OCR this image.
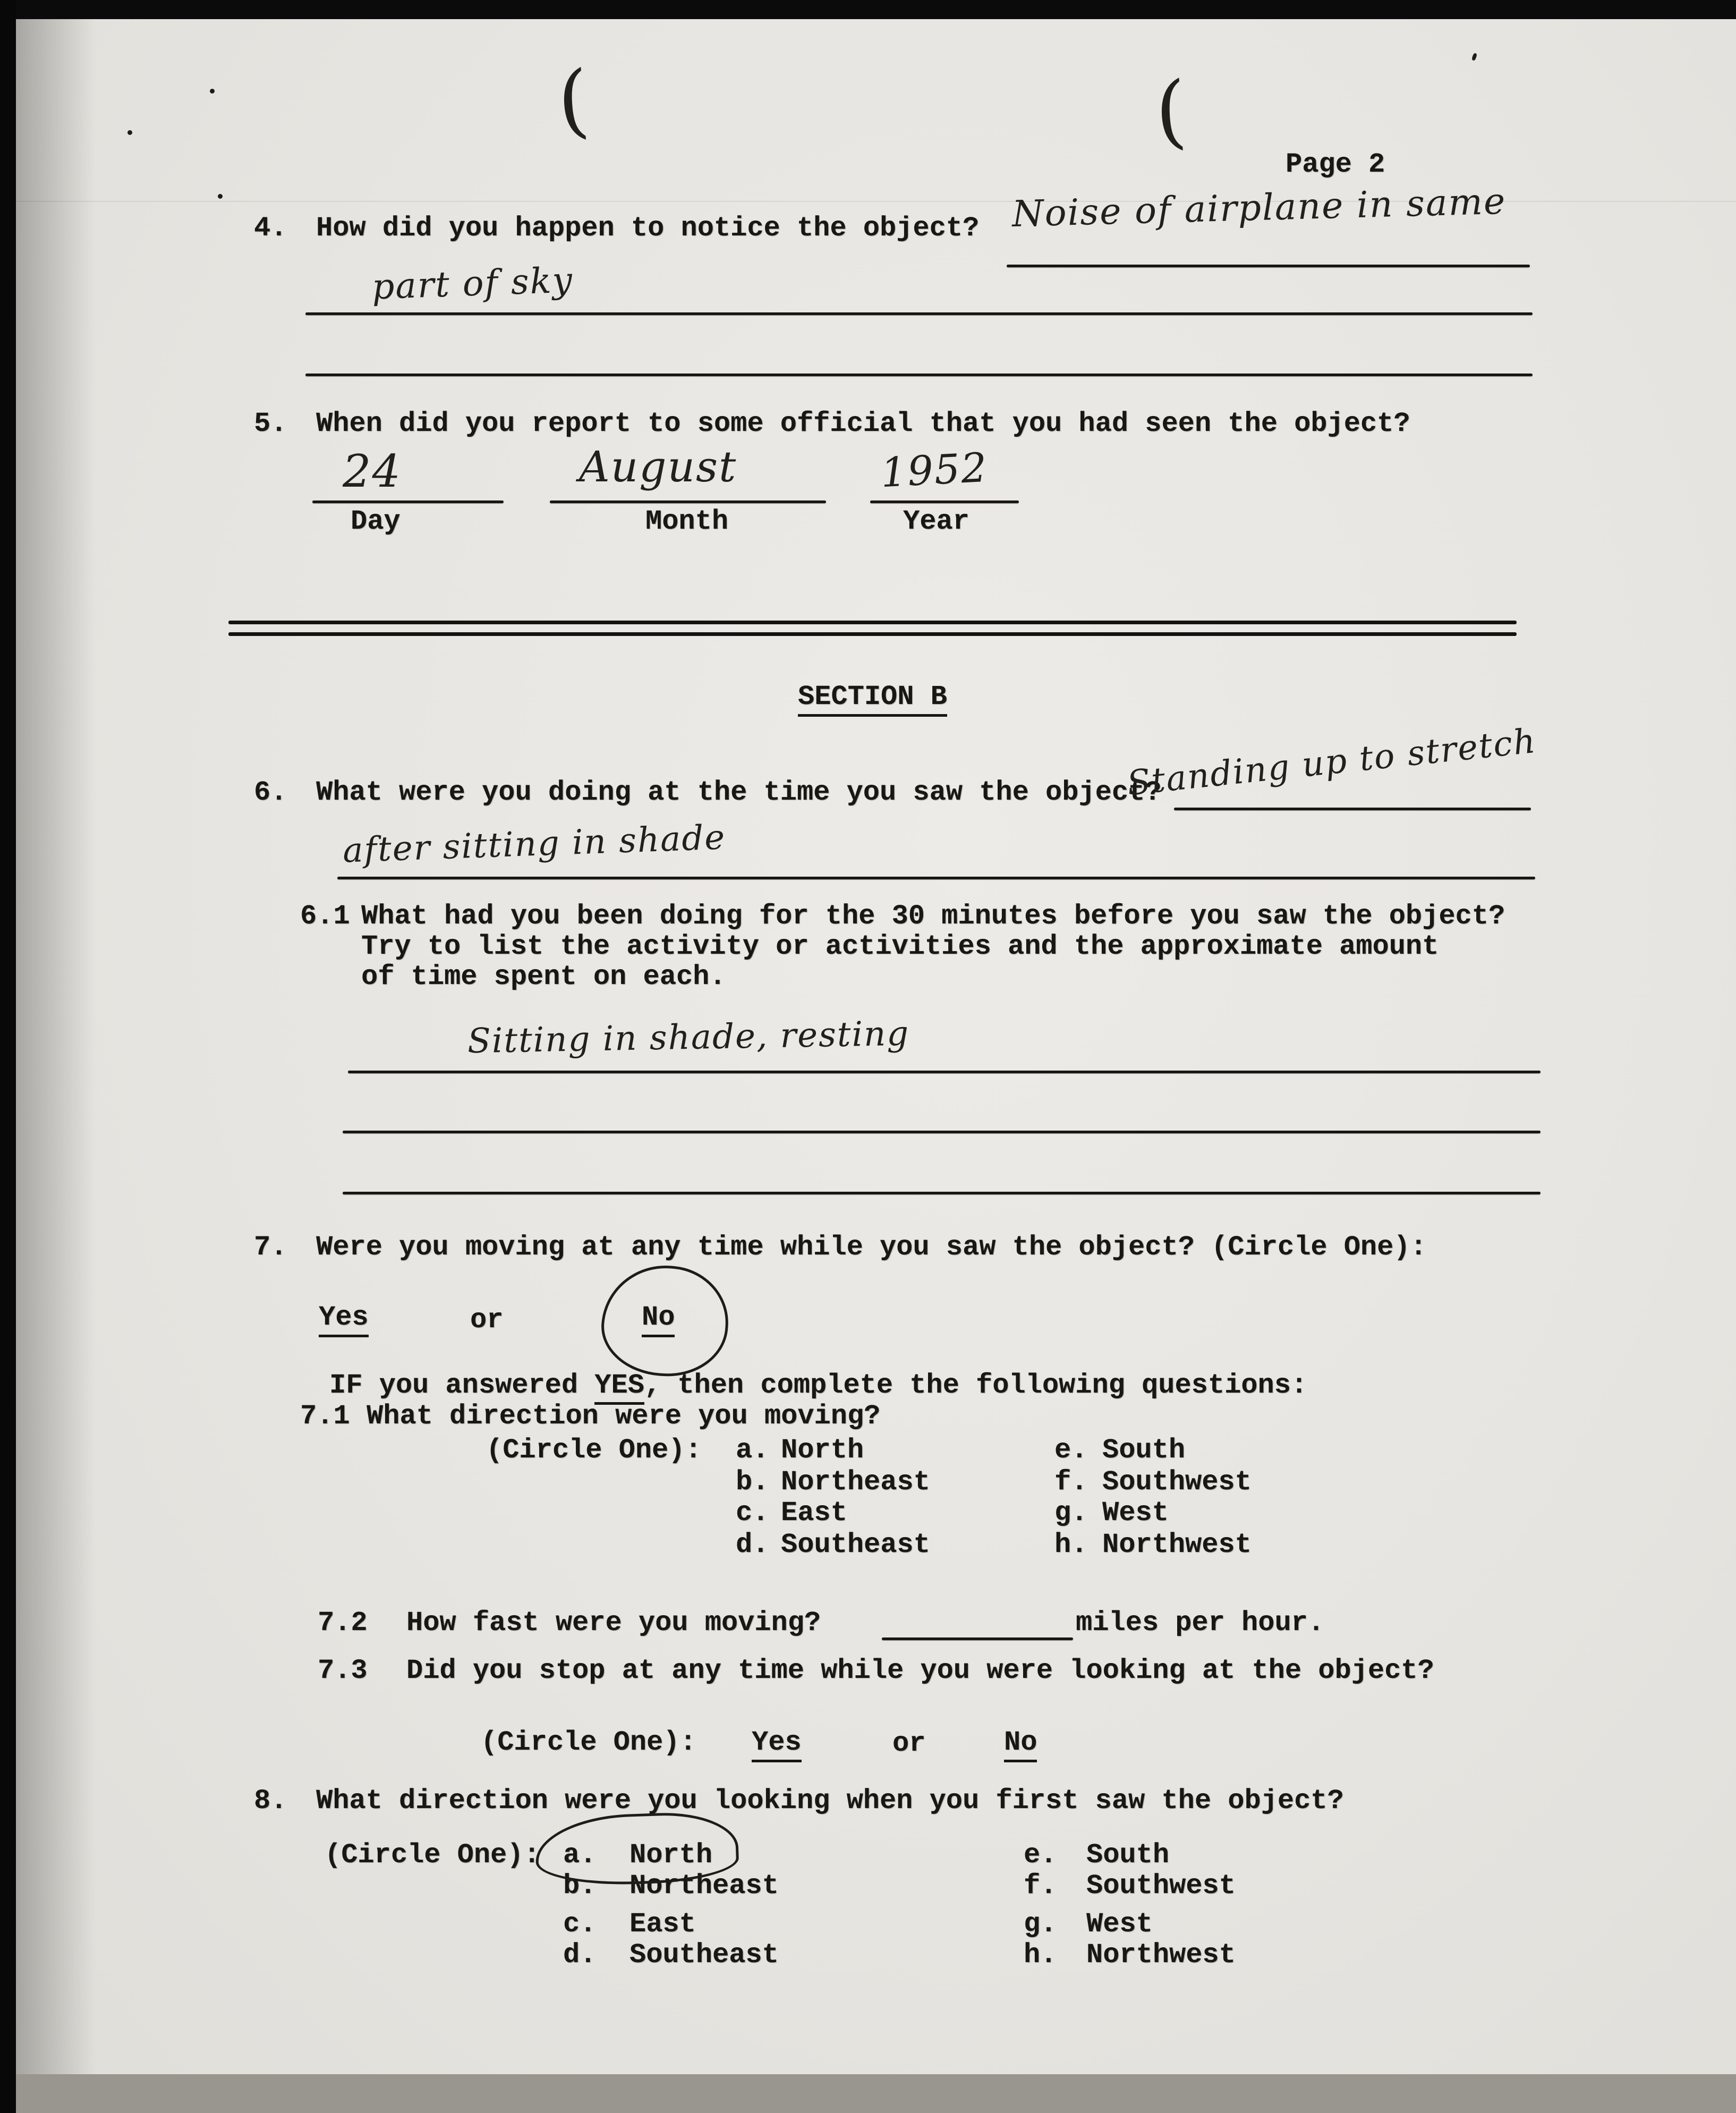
(	(
Page 2
4. How did you happen to notice the object? Noise of airplane in same
part of sky
5. When did you report to some official that you had seen the object?
24	August	1952
Day	Month	Year
SECTION B
6. What were you doing at the time you saw the object?
Standing up to stretch
after sitting in shade
6.1 What had you been doing for the 30 minutes before you saw the object?
Try to list the activity or activities and the approximate amount
of time spent on each.
Sitting in shade, resting
7. Were you moving at any time while you saw the object? (Circle One):
Yes	or	No
IF you answered YES, then complete the following questions:
7.1 What direction were you moving?
(Circle One): a. North	e. South
b. Northeast	f. Southwest
c. East	g. West
d. Southeast	h. Northwest
7.2 How fast were you moving?	miles per hour.
7.3 Did you stop at any time while you were looking at the object?
(Circle One): Yes	or	No
8. What direction were you looking when you first saw the object?
(Circle One): a. North	e. South
b. Northeast	f. Southwest
c. East	g. West
d. Southeast	h. Northwest
